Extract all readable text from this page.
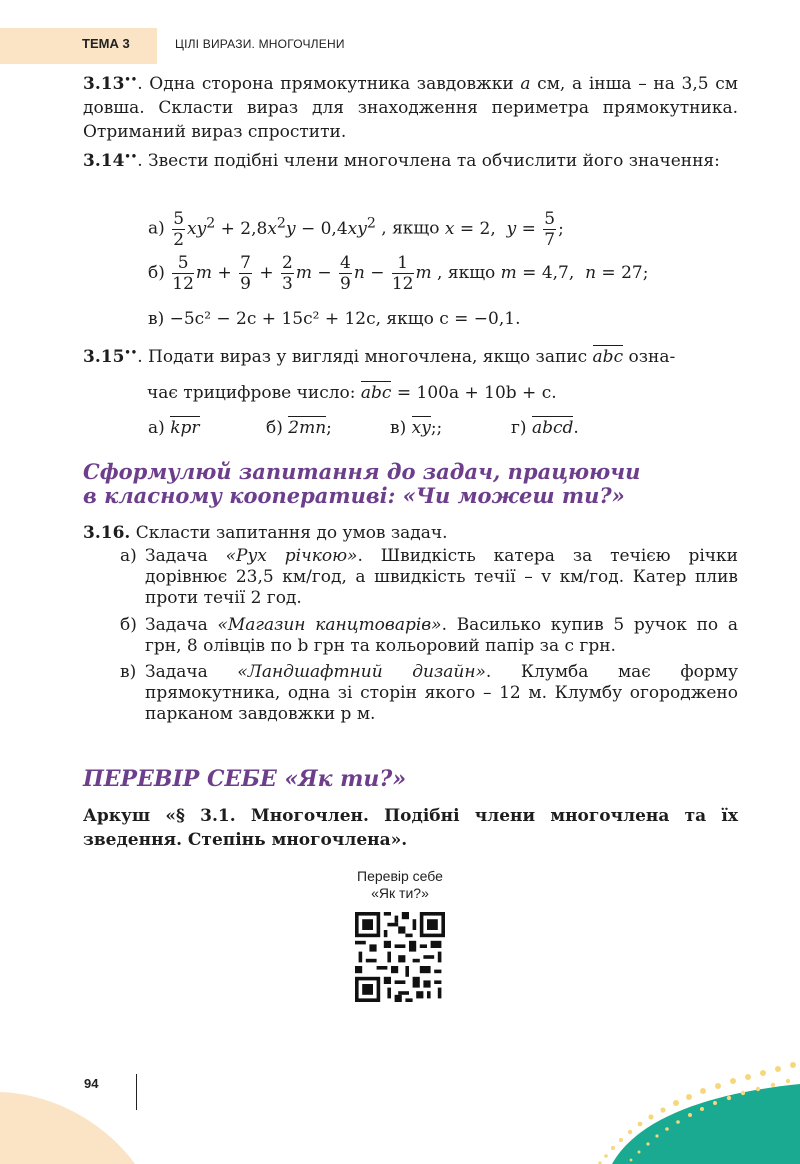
ТЕМА 3	ЦІЛІ ВИРАЗИ. МНОГОЧЛЕНИ
3.13••. Одна сторона прямокутника завдовжки a см, а інша – на 3,5 см довша. Скласти вираз для знаходження периметра прямокутника. Отриманий вираз спростити.
3.14••. Звести подібні члени многочлена та обчислити його значення:
$а) \frac{5}{2} xy^2 + 2,8x^2y - 0,4xy^2$ , якщо x = 2,  $y = \frac{5}{7}$ ;
$б) \frac{5}{12}$ $m + \frac{7}{9} + \frac{2}{3}$ $m - \frac{4}{9}$ $n - \frac{1}{12}$ m , якщо m = 4,7,  n = 27;
в) −5c² − 2c + 15c² + 12c, якщо c = −0,1.
3.15••. Подати вираз у вигляді многочлена, якщо запис abc озна-
чає трицифрове число: abc = 100a + 10b + c.
а) kpr	б) 2mn;	в) xy;;	г) abcd.
Сформулюй запитання до задач, працюючи
в класному кооперативі: «Чи можеш ти?»
3.16. Скласти запитання до умов задач.
а) Задача «Рух річкою». Швидкість катера за течією річки дорівнює 23,5 км/год, а швидкість течії – v км/год. Катер плив проти течії 2 год.
б) Задача «Магазин канцтоварів». Василько купив 5 ручок по a грн, 8 олівців по b грн та кольоровий папір за c грн.
в) Задача «Ландшафтний дизайн». Клумба має форму прямокутника, одна зі сторін якого – 12 м. Клумбу огороджено парканом завдовжки p м.
ПЕРЕВІР СЕБЕ «Як ти?»
Аркуш «§ 3.1. Многочлен. Подібні члени многочлена та їх зведення. Степінь многочлена».
Перевір себе
«Як ти?»
94
